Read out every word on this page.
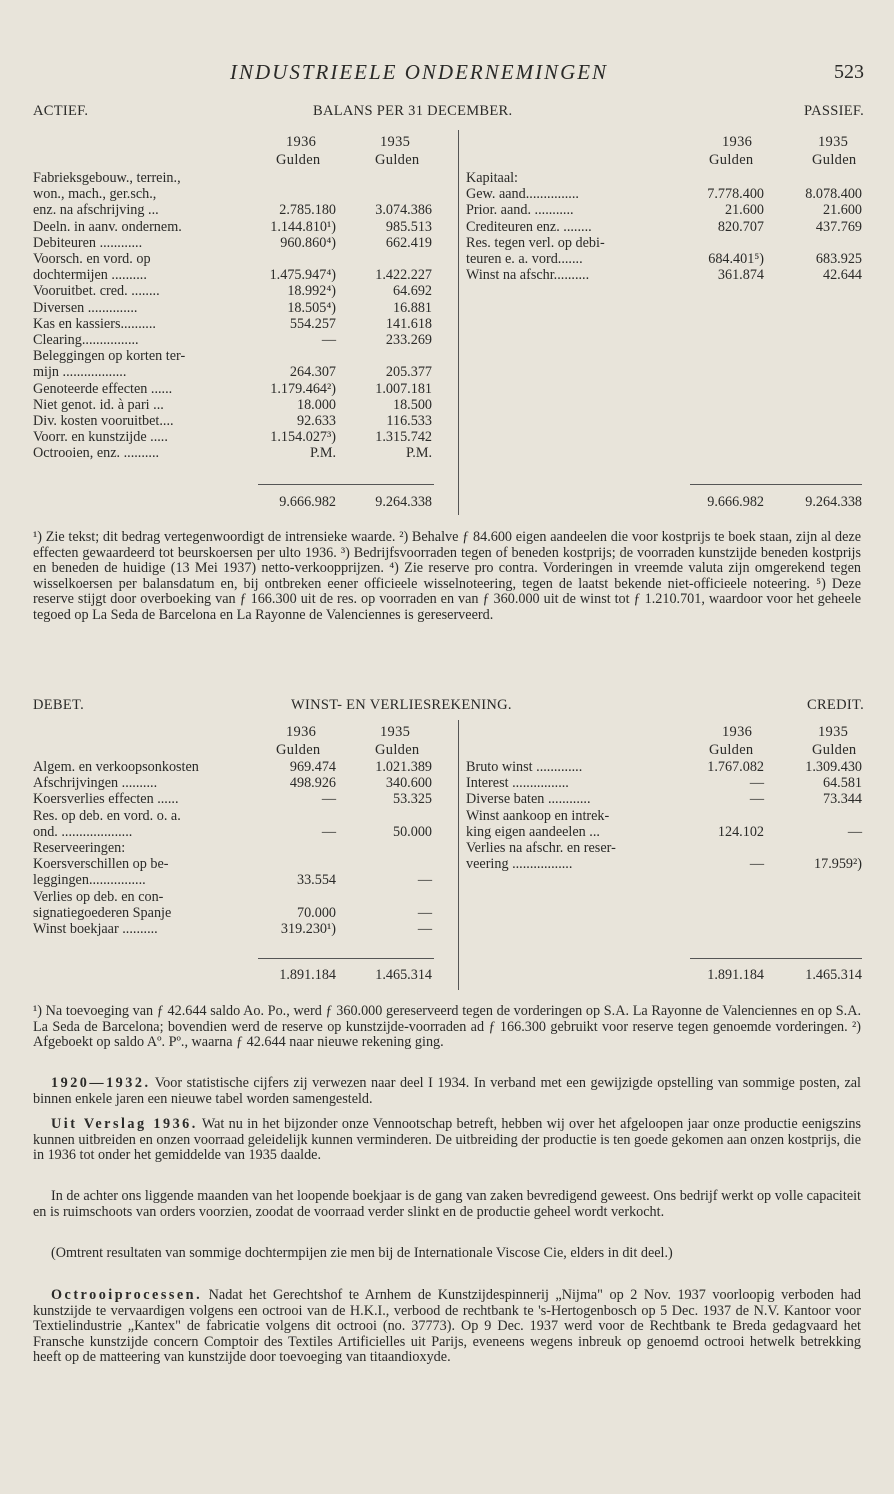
INDUSTRIEELE ONDERNEMINGEN	523
ACTIEF.	BALANS PER 31 DECEMBER.	PASSIEF.
1936	1935
Gulden	Gulden
1936	1935
Gulden	Gulden
Fabrieksgebouw., terrein.,
won., mach., ger.sch.,
enz. na afschrijving ...	2.785.180	3.074.386
Deeln. in aanv. ondernem.	1.144.810¹)	985.513
Debiteuren ............	960.860⁴)	662.419
Voorsch. en vord. op
dochtermijen ..........	1.475.947⁴)	1.422.227
Vooruitbet. cred. ........	18.992⁴)	64.692
Diversen ..............	18.505⁴)	16.881
Kas en kassiers..........	554.257	141.618
Clearing................	—	233.269
Beleggingen op korten ter-
mijn ..................	264.307	205.377
Genoteerde effecten ......	1.179.464²)	1.007.181
Niet genot. id. à pari ...	18.000	18.500
Div. kosten vooruitbet....	92.633	116.533
Voorr. en kunstzijde .....	1.154.027³)	1.315.742
Octrooien, enz. ..........	P.M.	P.M.
Kapitaal:
Gew. aand...............	7.778.400	8.078.400
Prior. aand. ...........	21.600	21.600
Crediteuren enz. ........	820.707	437.769
Res. tegen verl. op debi-
teuren e. a. vord.......	684.401⁵)	683.925
Winst na afschr..........	361.874	42.644
9.666.982	9.264.338	9.666.982	9.264.338
¹) Zie tekst; dit bedrag vertegenwoordigt de intrensieke waarde. ²) Behalve ƒ 84.600 eigen aandeelen die voor kostprijs te boek staan, zijn al deze effecten gewaardeerd tot beurskoersen per ulto 1936. ³) Bedrijfsvoorraden tegen of beneden kostprijs; de voorraden kunstzijde beneden kostprijs en beneden de huidige (13 Mei 1937) netto-verkoopprijzen. ⁴) Zie reserve pro contra. Vorderingen in vreemde valuta zijn omgerekend tegen wisselkoersen per balansdatum en, bij ontbreken eener officieele wisselnoteering, tegen de laatst bekende niet-officieele noteering. ⁵) Deze reserve stijgt door overboeking van ƒ 166.300 uit de res. op voorraden en van ƒ 360.000 uit de winst tot ƒ 1.210.701, waardoor voor het geheele tegoed op La Seda de Barcelona en La Rayonne de Valenciennes is gereserveerd.
DEBET.	WINST- EN VERLIESREKENING.	CREDIT.
1936	1935
Gulden	Gulden
1936	1935
Gulden	Gulden
Algem. en verkoopsonkosten	969.474	1.021.389
Afschrijvingen ..........	498.926	340.600
Koersverlies effecten ......	—	53.325
Res. op deb. en vord. o. a.
ond. ....................	—	50.000
Reserveeringen:
Koersverschillen op be-
leggingen................	33.554	—
Verlies op deb. en con-
signatiegoederen Spanje	70.000	—
Winst boekjaar ..........	319.230¹)	—
Bruto winst .............	1.767.082	1.309.430
Interest ................	—	64.581
Diverse baten ............	—	73.344
Winst aankoop en intrek-
king eigen aandeelen ...	124.102	—
Verlies na afschr. en reser-
veering .................	—	17.959²)
1.891.184	1.465.314	1.891.184	1.465.314
¹) Na toevoeging van ƒ 42.644 saldo Ao. Po., werd ƒ 360.000 gereserveerd tegen de vorderingen op S.A. La Rayonne de Valenciennes en op S.A. La Seda de Barcelona; bovendien werd de reserve op kunstzijde-voorraden ad ƒ 166.300 gebruikt voor reserve tegen genoemde vorderingen. ²) Afgeboekt op saldo Aº. Pº., waarna ƒ 42.644 naar nieuwe rekening ging.
1920—1932. Voor statistische cijfers zij verwezen naar deel I 1934. In verband met een gewijzigde opstelling van sommige posten, zal binnen enkele jaren een nieuwe tabel worden samengesteld.
Uit Verslag 1936. Wat nu in het bijzonder onze Vennootschap betreft, hebben wij over het afgeloopen jaar onze productie eenigszins kunnen uitbreiden en onzen voorraad geleidelijk kunnen verminderen. De uitbreiding der productie is ten goede gekomen aan onzen kostprijs, die in 1936 tot onder het gemiddelde van 1935 daalde.
In de achter ons liggende maanden van het loopende boekjaar is de gang van zaken bevredigend geweest. Ons bedrijf werkt op volle capaciteit en is ruimschoots van orders voorzien, zoodat de voorraad verder slinkt en de productie geheel wordt verkocht.
(Omtrent resultaten van sommige dochtermpijen zie men bij de Internationale Viscose Cie, elders in dit deel.)
Octrooiprocessen. Nadat het Gerechtshof te Arnhem de Kunstzijdespinnerij „Nijma" op 2 Nov. 1937 voorloopig verboden had kunstzijde te vervaardigen volgens een octrooi van de H.K.I., verbood de rechtbank te 's-Hertogenbosch op 5 Dec. 1937 de N.V. Kantoor voor Textielindustrie „Kantex" de fabricatie volgens dit octrooi (no. 37773). Op 9 Dec. 1937 werd voor de Rechtbank te Breda gedagvaard het Fransche kunstzijde concern Comptoir des Textiles Artificielles uit Parijs, eveneens wegens inbreuk op genoemd octrooi hetwelk betrekking heeft op de matteering van kunstzijde door toevoeging van titaandioxyde.
